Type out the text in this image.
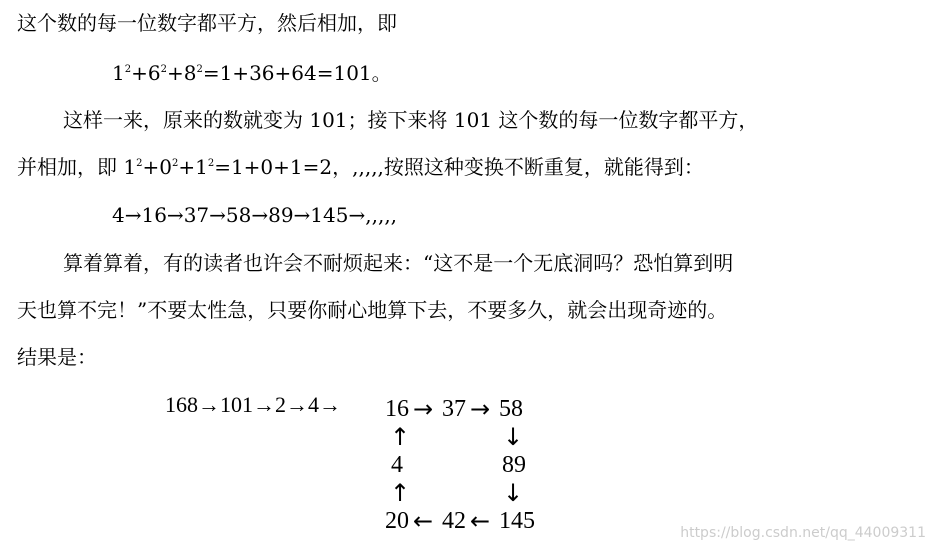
这个数的每一位数字都平方，然后相加，即
$1^2+6^2+8^2=1+36+64=101$。
这样一来，原来的数就变为 101；接下来将 101 这个数的每一位数字都平方，
并相加，即 $1^2+0^2+1^2=1+0+1=2$，,,,,,按照这种变换不断重复，就能得到：
4→16→37→58→89→145→,,,,,
算着算着，有的读者也许会不耐烦起来：“这不是一个无底洞吗？恐怕算到明
天也算不完！”不要太性急，只要你耐心地算下去，不要多久，就会出现奇迹的。
结果是：
168→101→2→4→ 16 → 37 → 58
↑	↓
4	89
↑	↓
20 ← 42 ← 145	https://blog.csdn.net/qq_44009311
